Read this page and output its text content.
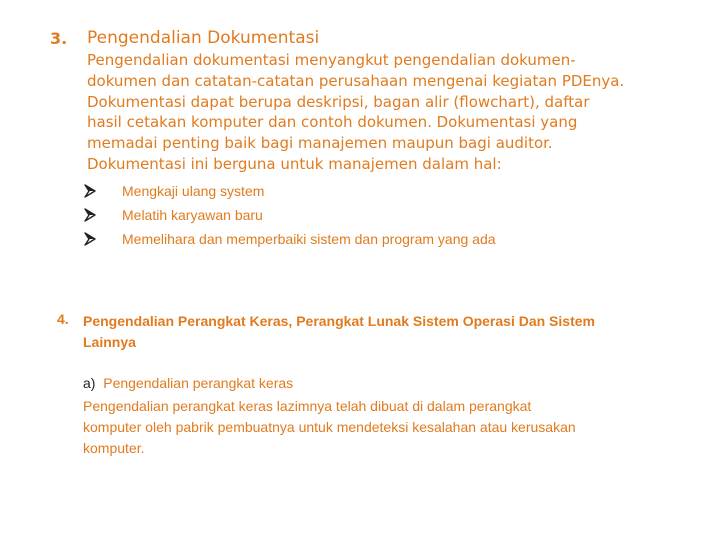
3. Pengendalian Dokumentasi
Pengendalian dokumentasi menyangkut pengendalian dokumen-
dokumen dan catatan-catatan perusahaan mengenai kegiatan PDEnya.
Dokumentasi dapat berupa deskripsi, bagan alir (flowchart), daftar
hasil cetakan komputer dan contoh dokumen. Dokumentasi yang
memadai penting baik bagi manajemen maupun bagi auditor.
Dokumentasi ini berguna untuk manajemen dalam hal:
Mengkaji ulang system
Melatih karyawan baru
Memelihara dan memperbaiki sistem dan program yang ada
4. Pengendalian Perangkat Keras, Perangkat Lunak Sistem Operasi Dan Sistem
Lainnya
a) Pengendalian perangkat keras
Pengendalian perangkat keras lazimnya telah dibuat di dalam perangkat
komputer oleh pabrik pembuatnya untuk mendeteksi kesalahan atau kerusakan
komputer.
